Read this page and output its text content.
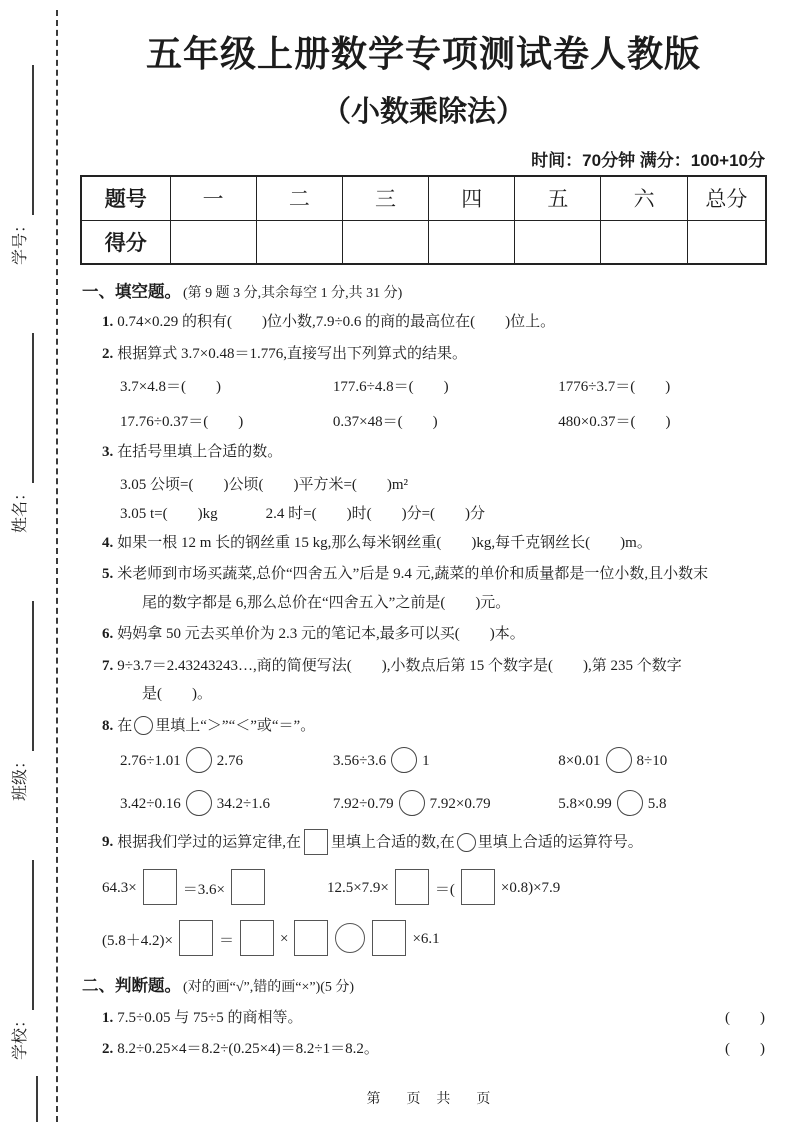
学号：
姓名：
班级：
学校：
五年级上册数学专项测试卷人教版
（小数乘除法）
时间：70分钟 满分：100+10分
题号	一	二	三	四	五	六	总分
得分							
一、填空题。 (第 9 题 3 分,其余每空 1 分,共 31 分)
1. 0.74×0.29 的积有(　　)位小数,7.9÷0.6 的商的最高位在(　　)位上。
2. 根据算式 3.7×0.48＝1.776,直接写出下列算式的结果。
3.7×4.8＝(　　)	177.6÷4.8＝(　　)	1776÷3.7＝(　　)
17.76÷0.37＝(　　)	0.37×48＝(　　)	480×0.37＝(　　)
3. 在括号里填上合适的数。
3.05 公顷=(　　)公顷(　　)平方米=(　　)m²
3.05 t=(　　)kg	2.4 时=(　　)时(　　)分=(　　)分
4. 如果一根 12 m 长的钢丝重 15 kg,那么每米钢丝重(　　)kg,每千克钢丝长(　　)m。
5. 米老师到市场买蔬菜,总价“四舍五入”后是 9.4 元,蔬菜的单价和质量都是一位小数,且小数末
尾的数字都是 6,那么总价在“四舍五入”之前是(　　)元。
6. 妈妈拿 50 元去买单价为 2.3 元的笔记本,最多可以买(　　)本。
7. 9÷3.7＝2.43243243…,商的简便写法(　　),小数点后第 15 个数字是(　　),第 235 个数字
是(　　)。
8. 在 里填上“＞”“＜”或“＝”。
2.76÷1.01 2.76	3.56÷3.6 1	8×0.01 8÷10
3.42÷0.16 34.2÷1.6	7.92÷0.79 7.92×0.79	5.8×0.99 5.8
9. 根据我们学过的运算定律,在 里填上合适的数,在 里填上合适的运算符号。
64.3×	＝3.6×	12.5×7.9×	＝(	×0.8)×7.9
(5.8＋4.2)×	＝	×	×6.1
二、判断题。 (对的画“√”,错的画“×”)(5 分)
1. 7.5÷0.05 与 75÷5 的商相等。	(　　)
2. 8.2÷0.25×4＝8.2÷(0.25×4)＝8.2÷1＝8.2。	(　　)
第　页 共　页
